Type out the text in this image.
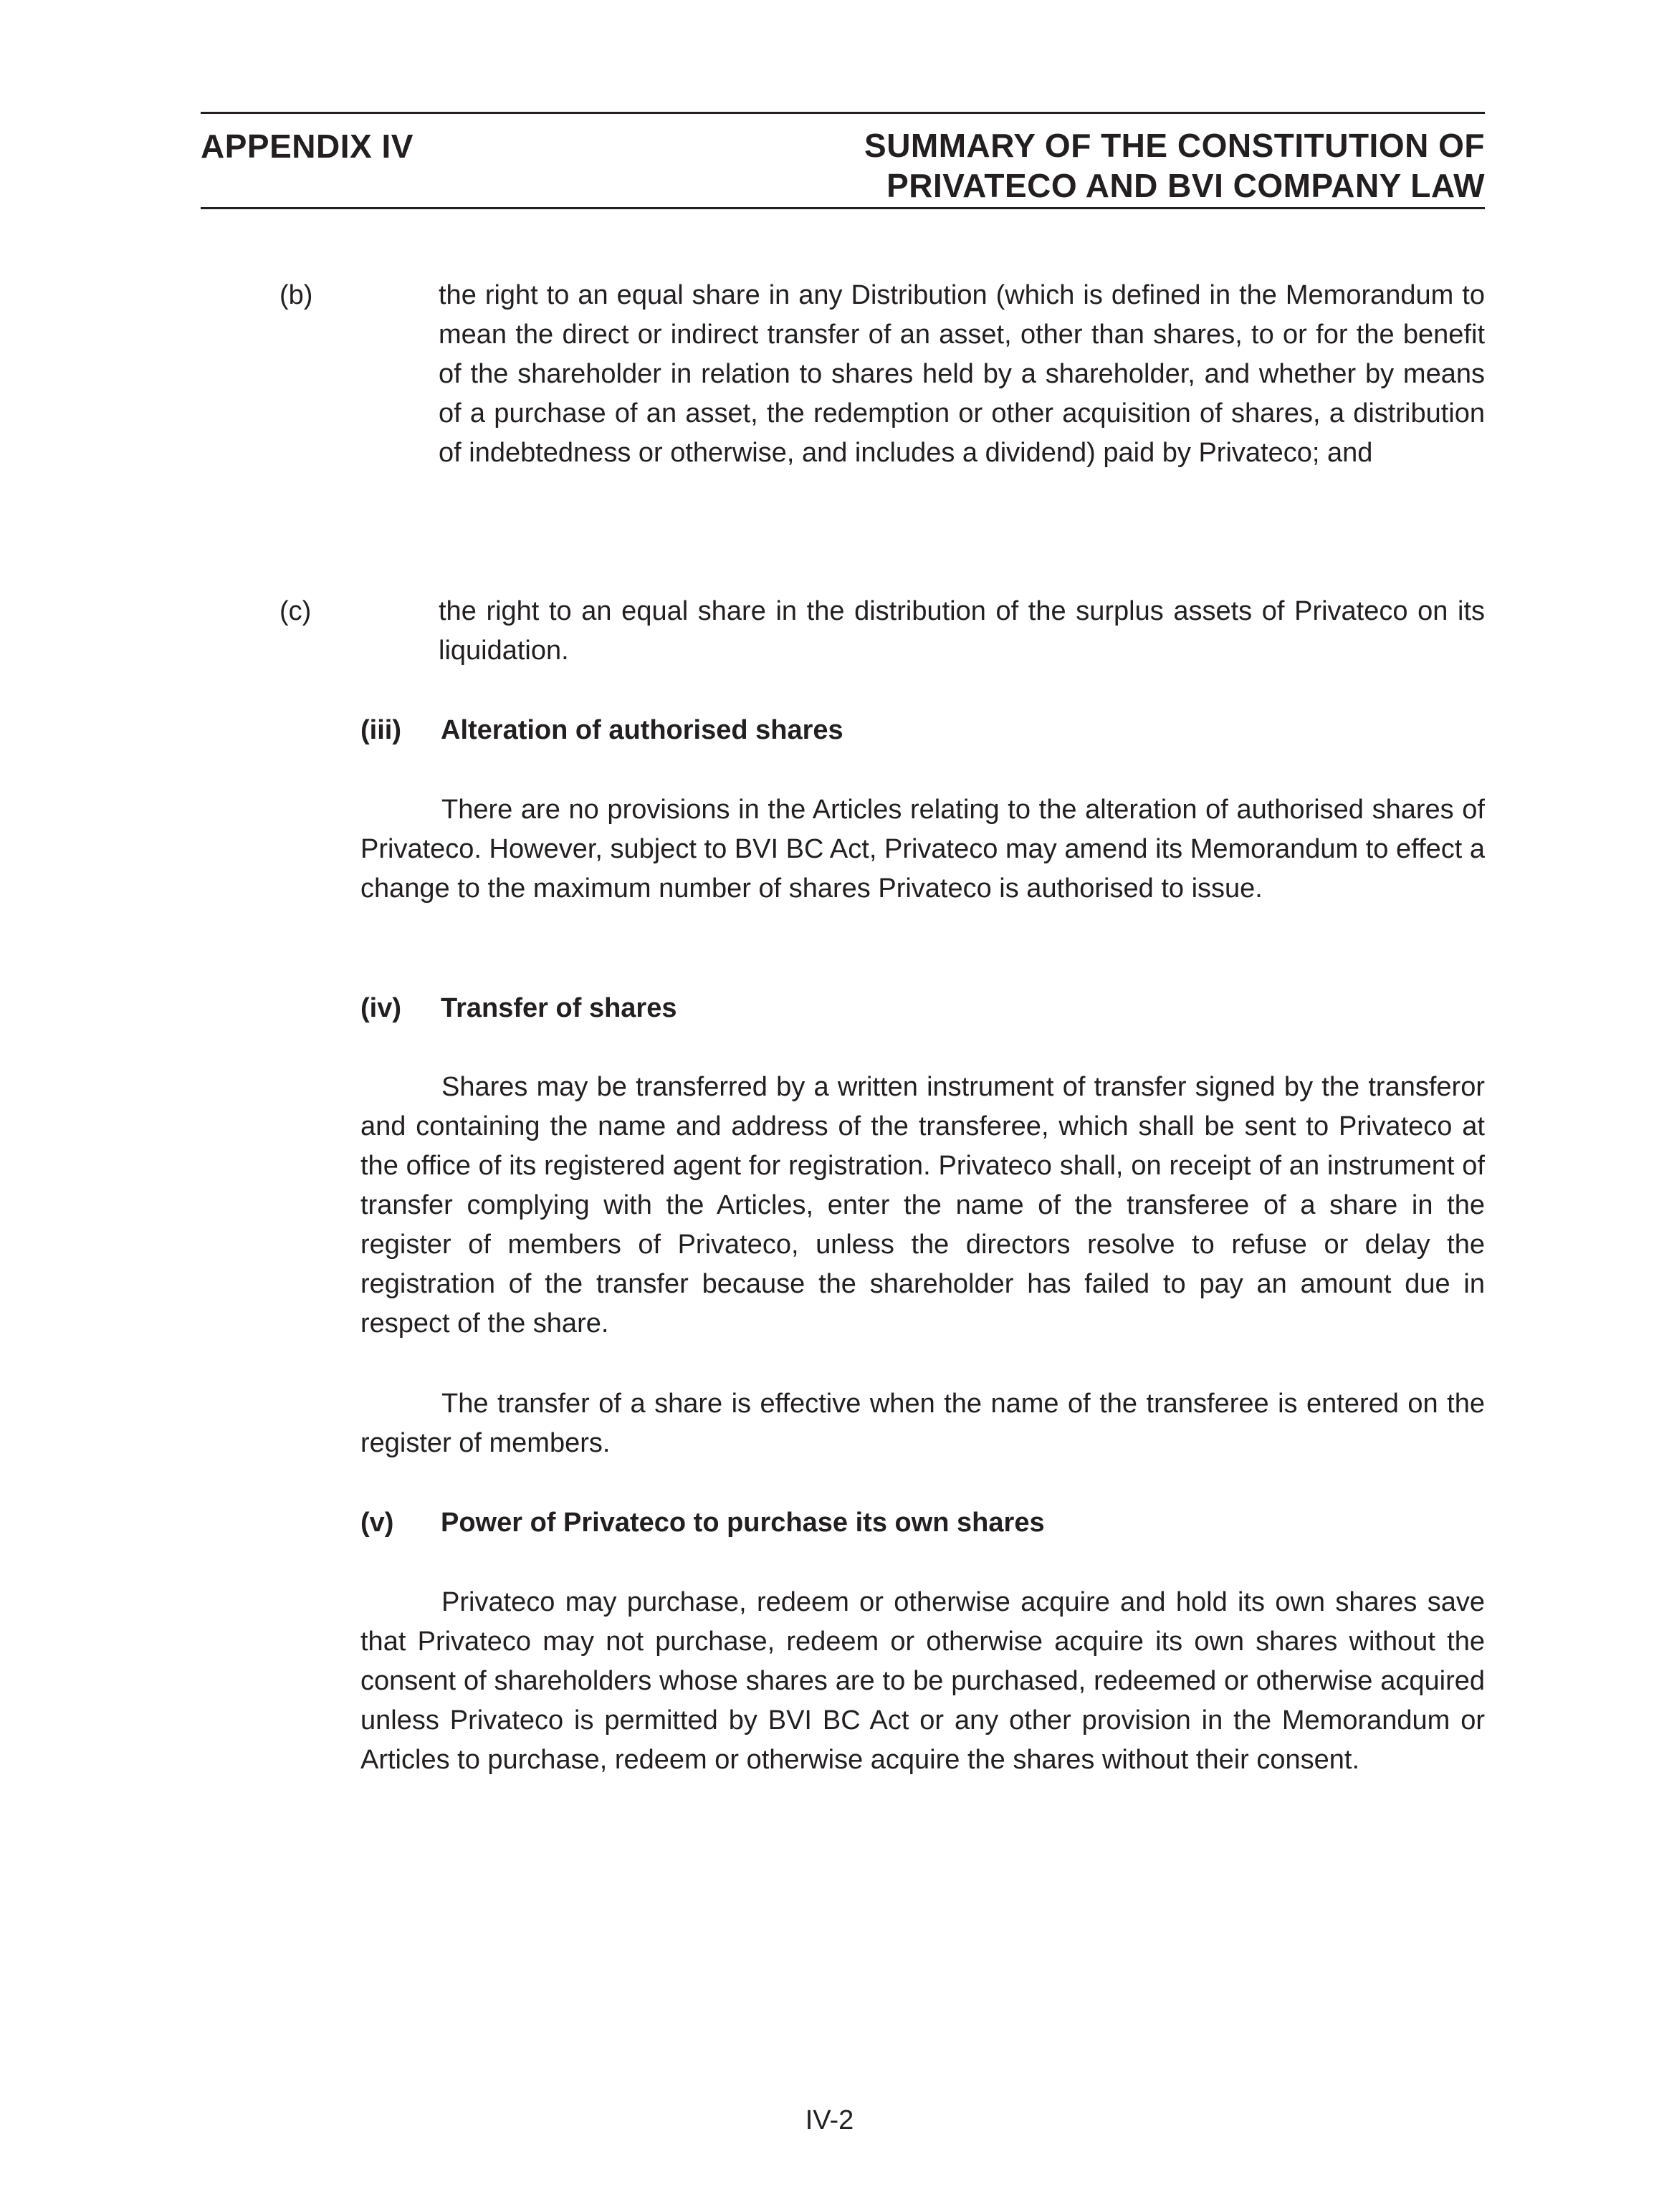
APPENDIX IV	SUMMARY OF THE CONSTITUTION OF
PRIVATECO AND BVI COMPANY LAW
(b)	the right to an equal share in any Distribution (which is defined in the Memorandum to mean the direct or indirect transfer of an asset, other than shares, to or for the benefit of the shareholder in relation to shares held by a shareholder, and whether by means of a purchase of an asset, the redemption or other acquisition of shares, a distribution of indebtedness or otherwise, and includes a dividend) paid by Privateco; and
(c)	the right to an equal share in the distribution of the surplus assets of Privateco on its liquidation.
(iii) Alteration of authorised shares
There are no provisions in the Articles relating to the alteration of authorised shares of Privateco. However, subject to BVI BC Act, Privateco may amend its Memorandum to effect a change to the maximum number of shares Privateco is authorised to issue.
(iv) Transfer of shares
Shares may be transferred by a written instrument of transfer signed by the transferor and containing the name and address of the transferee, which shall be sent to Privateco at the office of its registered agent for registration. Privateco shall, on receipt of an instrument of transfer complying with the Articles, enter the name of the transferee of a share in the register of members of Privateco, unless the directors resolve to refuse or delay the registration of the transfer because the shareholder has failed to pay an amount due in respect of the share.
The transfer of a share is effective when the name of the transferee is entered on the register of members.
(v) Power of Privateco to purchase its own shares
Privateco may purchase, redeem or otherwise acquire and hold its own shares save that Privateco may not purchase, redeem or otherwise acquire its own shares without the consent of shareholders whose shares are to be purchased, redeemed or otherwise acquired unless Privateco is permitted by BVI BC Act or any other provision in the Memorandum or Articles to purchase, redeem or otherwise acquire the shares without their consent.
IV-2
